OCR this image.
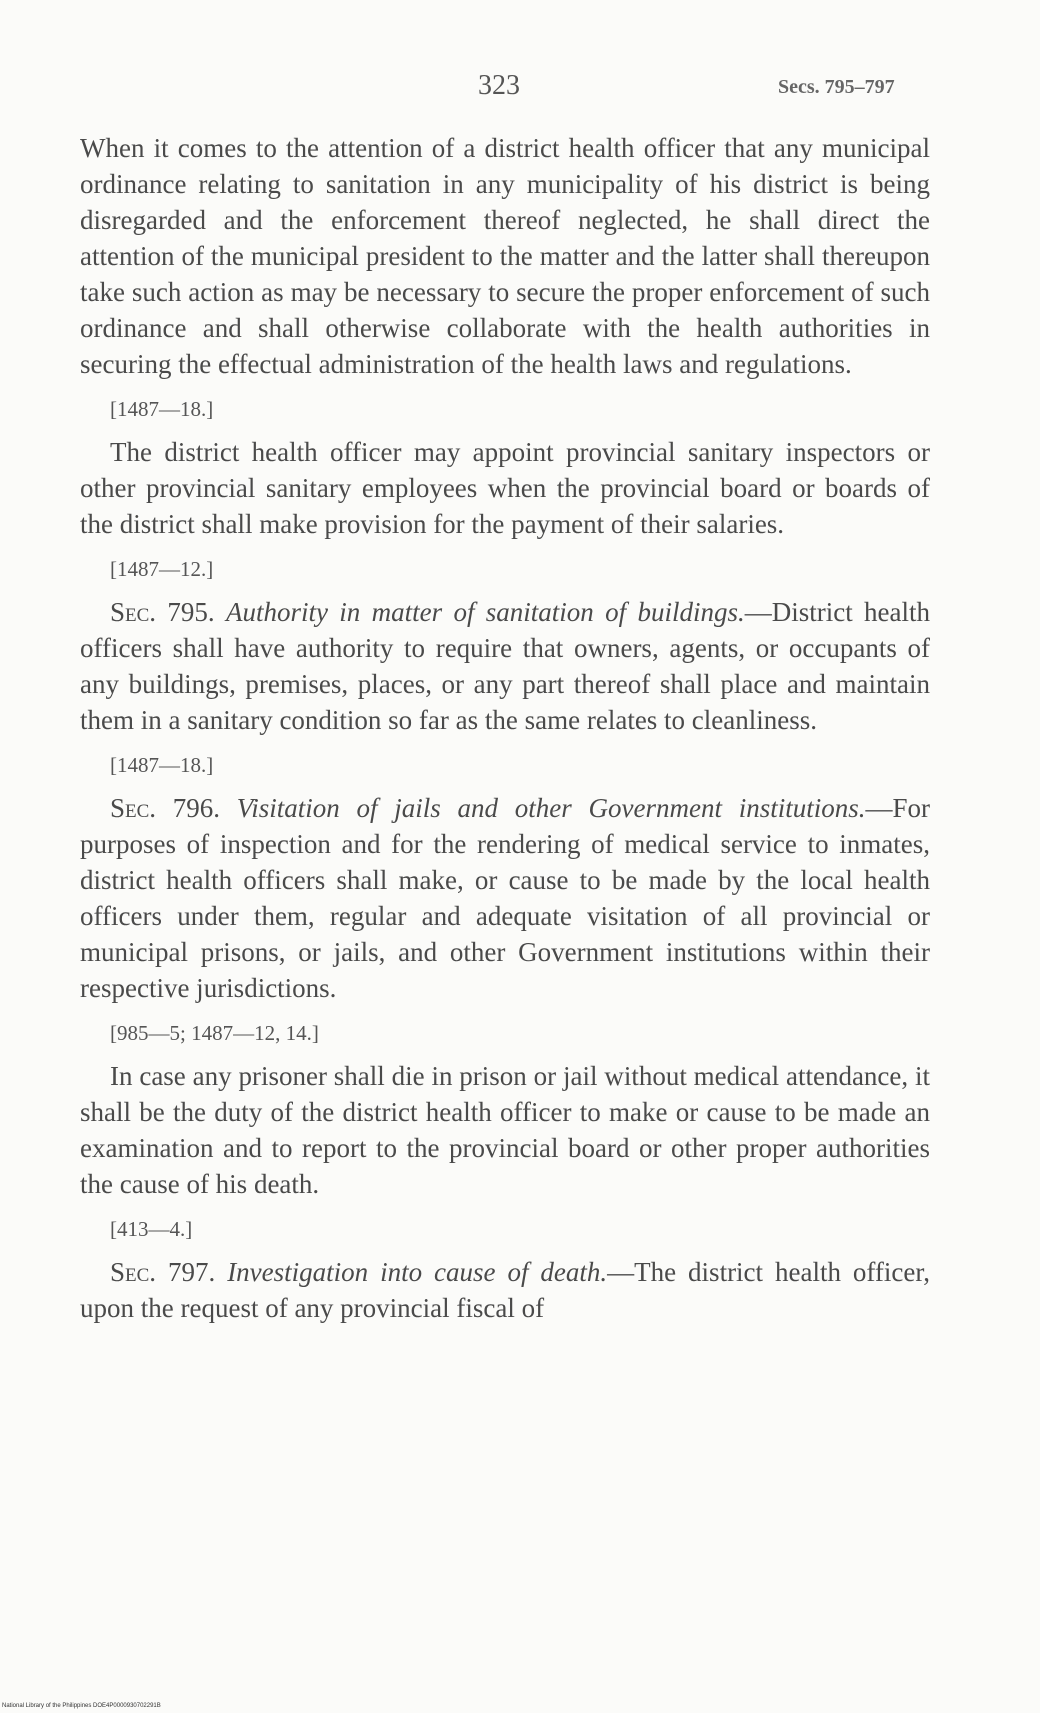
323	Secs. 795–797

When it comes to the attention of a district health officer that any municipal ordinance relating to sanitation in any municipality of his district is being disregarded and the enforcement thereof neglected, he shall direct the attention of the municipal president to the matter and the latter shall thereupon take such action as may be necessary to secure the proper enforcement of such ordinance and shall otherwise collaborate with the health authorities in securing the effectual administration of the health laws and regulations.

[1487—18.]

The district health officer may appoint provincial sanitary inspectors or other provincial sanitary employees when the provincial board or boards of the district shall make provision for the payment of their salaries.

[1487—12.]

Sec. 795. Authority in matter of sanitation of buildings.—District health officers shall have authority to require that owners, agents, or occupants of any buildings, premises, places, or any part thereof shall place and maintain them in a sanitary condition so far as the same relates to cleanliness.

[1487—18.]

Sec. 796. Visitation of jails and other Government institutions.—For purposes of inspection and for the rendering of medical service to inmates, district health officers shall make, or cause to be made by the local health officers under them, regular and adequate visitation of all provincial or municipal prisons, or jails, and other Government institutions within their respective jurisdictions.

[985—5; 1487—12, 14.]

In case any prisoner shall die in prison or jail without medical attendance, it shall be the duty of the district health officer to make or cause to be made an examination and to report to the provincial board or other proper authorities the cause of his death.

[413—4.]

Sec. 797. Investigation into cause of death.—The district health officer, upon the request of any provincial fiscal of

National Library of the Philippines DOE4P0000930702291B
